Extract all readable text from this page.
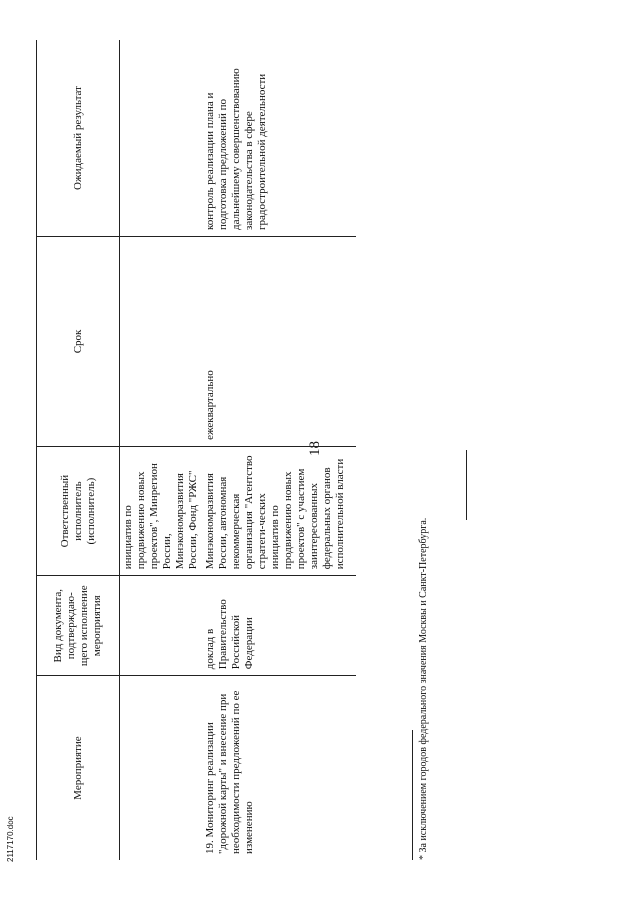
18
Мероприятие	Вид документа, подтверждаю-щего исполнение мероприятия	Ответственный исполнитель (исполнитель)	Срок	Ожидаемый результат
		инициатив по продвижению новых проектов", Минрегион России, Минэкономразвития России, Фонд "РЖС"		
19. Мониторинг реализации "дорожной карты" и внесение при необходимости предложений по ее изменению	доклад в Правительство Российской Федерации	Минэкономразвития России, автономная некоммерческая организация "Агентство стратеги-ческих инициатив по продвижению новых проектов" с участием заинтересованных федеральных органов исполнительной власти	ежеквартально	контроль реализации плана и подготовка предложений по дальнейшему совершенствованию законодательства в сфере градостроительной деятельности
* За исключением городов федерального значения Москвы и Санкт-Петербурга.
2117170.doc
